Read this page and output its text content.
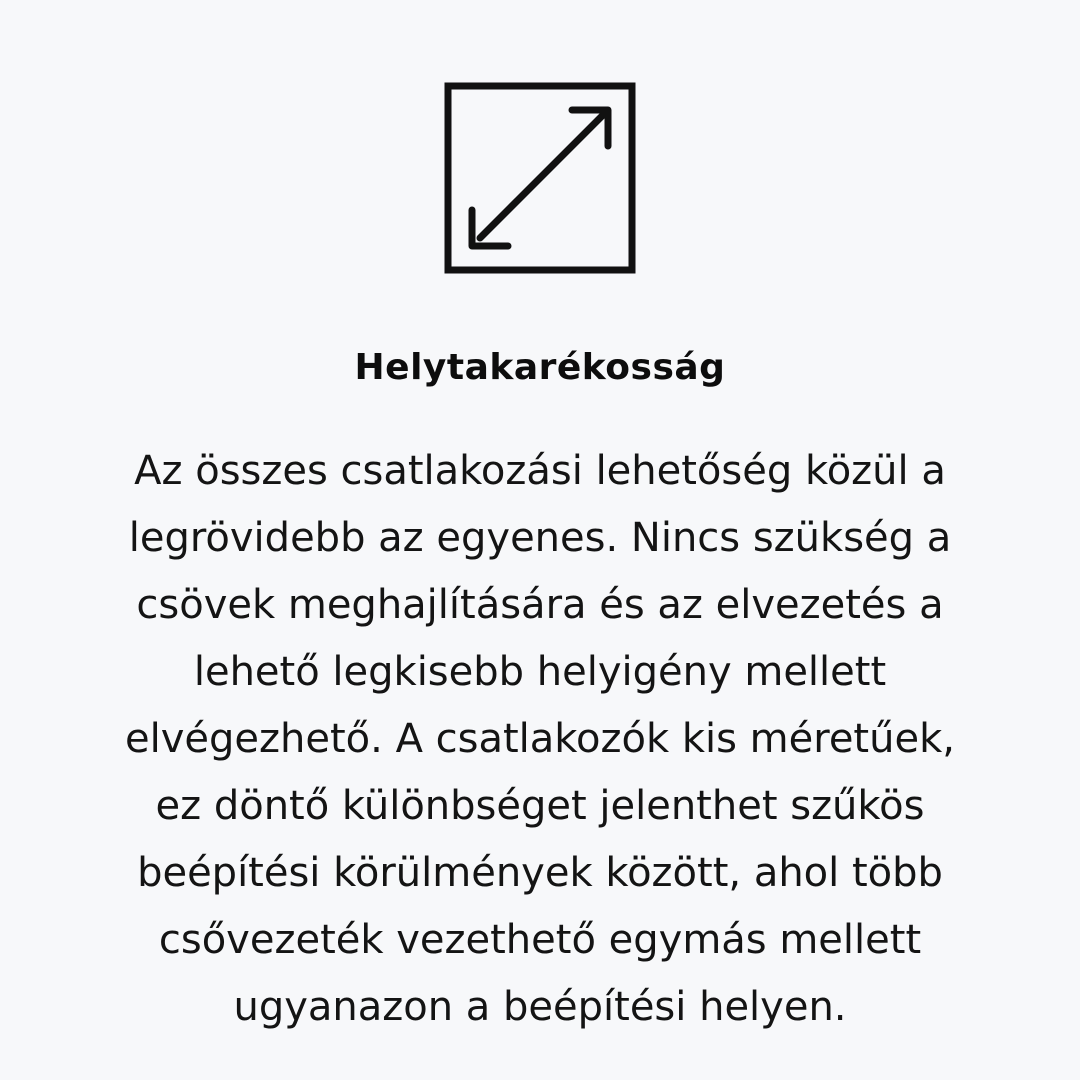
Helytakarékosság

Az összes csatlakozási lehetőség közül a
legrövidebb az egyenes. Nincs szükség a
csövek meghajlítására és az elvezetés a
lehető legkisebb helyigény mellett
elvégezhető. A csatlakozók kis méretűek,
ez döntő különbséget jelenthet szűkös
beépítési körülmények között, ahol több
csővezeték vezethető egymás mellett
ugyanazon a beépítési helyen.
